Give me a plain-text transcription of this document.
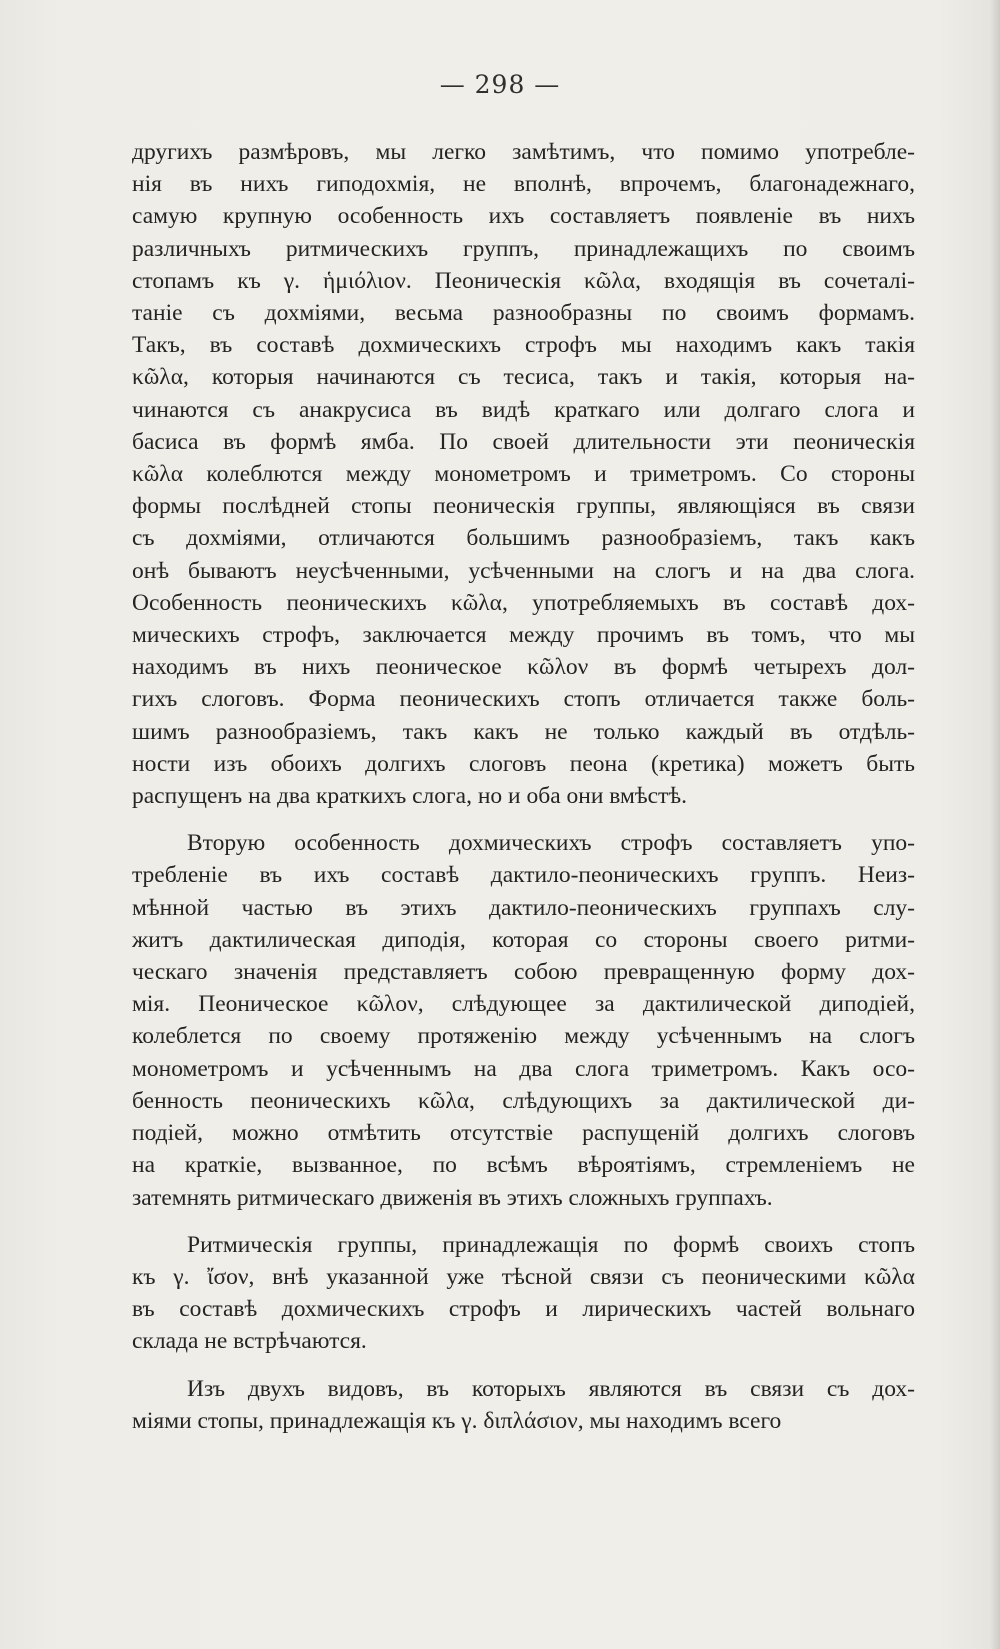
— 298 —

другихъ размѣровъ, мы легко замѣтимъ, что помимо употребле-
нія въ нихъ гиподохмія, не вполнѣ, впрочемъ, благонадежнаго,
самую крупную особенность ихъ составляетъ появленіе въ нихъ
различныхъ ритмическихъ группъ, принадлежащихъ по своимъ
стопамъ къ γ. ἡμιόλιον. Пеоническія κῶλα, входящія въ сочеталі-
таніе съ дохміями, весьма разнообразны по своимъ формамъ.
Такъ, въ составѣ дохмическихъ строфъ мы находимъ какъ такія
κῶλα, которыя начинаются съ тесиса, такъ и такія, которыя на-
чинаются съ анакрусиса въ видѣ краткаго или долгаго слога и
басиса въ формѣ ямба. По своей длительности эти пеоническія
κῶλα колеблются между монометромъ и триметромъ. Со стороны
формы послѣдней стопы пеоническія группы, являющіяся въ связи
съ дохміями, отличаются большимъ разнообразіемъ, такъ какъ
онѣ бываютъ неусѣченными, усѣченными на слогъ и на два слога.
Особенность пеоническихъ κῶλα, употребляемыхъ въ составѣ дох-
мическихъ строфъ, заключается между прочимъ въ томъ, что мы
находимъ въ нихъ пеоническое κῶλον въ формѣ четырехъ дол-
гихъ слоговъ. Форма пеоническихъ стопъ отличается также боль-
шимъ разнообразіемъ, такъ какъ не только каждый въ отдѣль-
ности изъ обоихъ долгихъ слоговъ пеона (кретика) можетъ быть
распущенъ на два краткихъ слога, но и оба они вмѣстѣ.

Вторую особенность дохмическихъ строфъ составляетъ упо-
требленіе въ ихъ составѣ дактило-пеоническихъ группъ. Неиз-
мѣнной частью въ этихъ дактило-пеоническихъ группахъ слу-
житъ дактилическая диподія, которая со стороны своего ритми-
ческаго значенія представляетъ собою превращенную форму дох-
мія. Пеоническое κῶλον, слѣдующее за дактилической диподіей,
колеблется по своему протяженію между усѣченнымъ на слогъ
монометромъ и усѣченнымъ на два слога триметромъ. Какъ осо-
бенность пеоническихъ κῶλα, слѣдующихъ за дактилической ди-
подіей, можно отмѣтить отсутствіе распущеній долгихъ слоговъ
на краткіе, вызванное, по всѣмъ вѣроятіямъ, стремленіемъ не
затемнять ритмическаго движенія въ этихъ сложныхъ группахъ.

Ритмическія группы, принадлежащія по формѣ своихъ стопъ
къ γ. ἴσον, внѣ указанной уже тѣсной связи съ пеоническими κῶλα
въ составѣ дохмическихъ строфъ и лирическихъ частей вольнаго
склада не встрѣчаются.

Изъ двухъ видовъ, въ которыхъ являются въ связи съ дох-
міями стопы, принадлежащія къ γ. διπλάσιον, мы находимъ всего
